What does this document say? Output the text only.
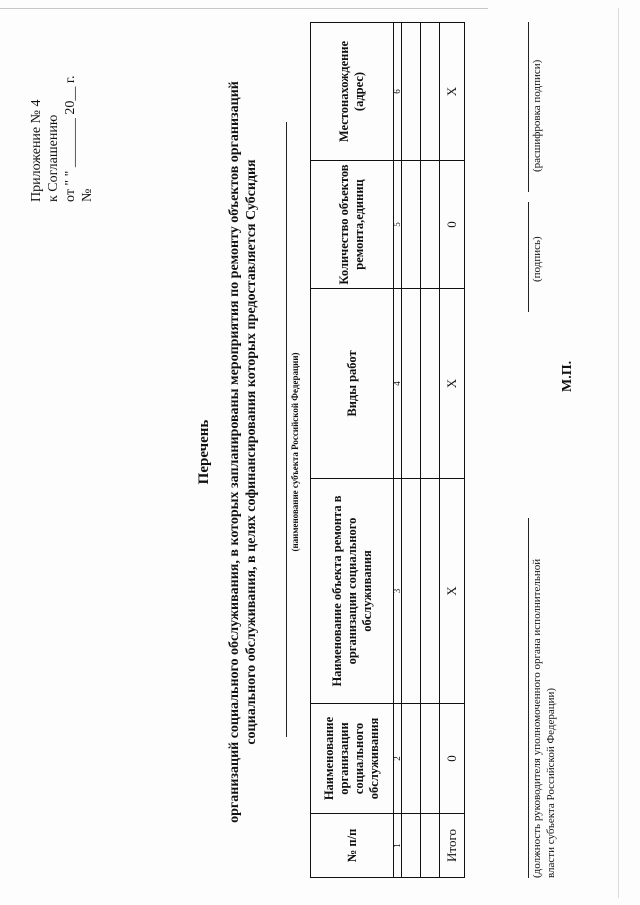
Приложение № 4 к Соглашению от " " _______ 20__ г. №
Перечень организаций социального обслуживания, в которых запланированы мероприятия по ремонту объектов организаций социального обслуживания, в целях софинансирования которых предоставляется Субсидия	(наименование субъекта Российской Федерации)
№ п/п	Наименование организации социального обслуживания	Наименование объекта ремонта в организации социального обслуживания	Виды работ	Количество объектов ремонта,единиц	Местонахождение (адрес)
1	2	3	4	5	6

Итого	0	Х	Х	0	Х
(должность руководителя уполномоченного органа исполнительной власти субъекта Российской Федерации)
(подпись)
(расшифровка подписи)
М.П.
